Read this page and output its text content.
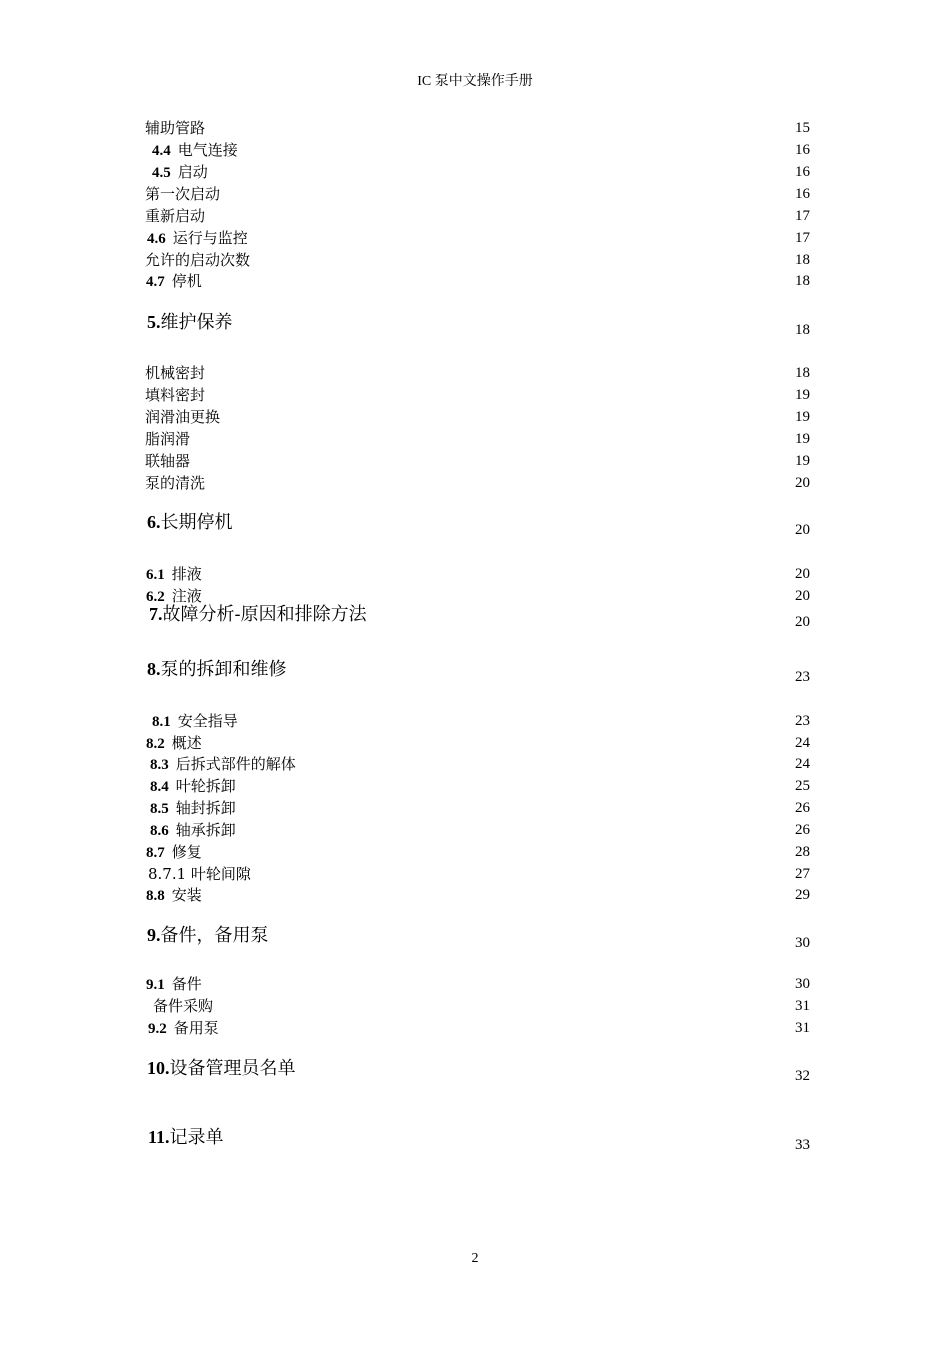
IC 泵中文操作手册
辅助管路	15
4.4 电气连接	16
4.5 启动	16
第一次启动	16
重新启动	17
4.6 运行与监控	17
允许的启动次数	18
4.7 停机	18
5.维护保养	18
机械密封	18
填料密封	19
润滑油更换	19
脂润滑	19
联轴器	19
泵的清洗	20
6.长期停机	20
6.1 排液	20
6.2 注液	20
7.故障分析-原因和排除方法	20
8.泵的拆卸和维修	23
8.1 安全指导	23
8.2 概述	24
8.3 后拆式部件的解体	24
8.4 叶轮拆卸	25
8.5 轴封拆卸	26
8.6 轴承拆卸	26
8.7 修复	28
8.7.1 叶轮间隙	27
8.8 安装	29
9.备件，备用泵	30
9.1 备件	30
备件采购	31
9.2 备用泵	31
10.设备管理员名单	32
11.记录单	33
2
